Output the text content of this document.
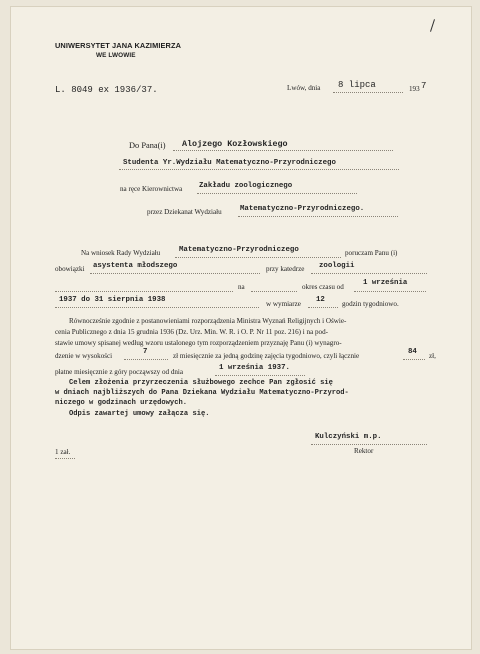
UNIWERSYTET JANA KAZIMIERZA
WE LWOWIE
L. 8049 ex 1936/37.	Lwów, dnia 8 lipca	193 7
Do Pana(i) Alojzego Kozłowskiego
Studenta Yr.Wydziału Matematyczno-Przyrodniczego
na ręce Kierownictwa Zakładu zoologicznego
przez Dziekanat Wydziału Matematyczno-Przyrodniczego.
Na wniosek Rady Wydziału	Matematyczno-Przyrodniczego	poruczam Panu (i)
obowiązki asystenta młodszego	przy katedrze zoologii
na	okres czasu od	1 września
1937 do 31 sierpnia 1938	w wymiarze 12 godzin tygodniowo.
Równocześnie zgodnie z postanowieniami rozporządzenia Ministra Wyznań Religijnych i Oświe-
cenia Publicznego z dnia 15 grudnia 1936 (Dz. Urz. Min. W. R. i O. P. Nr 11 poz. 216) i na pod-
stawie umowy spisanej według wzoru ustalonego tym rozporządzeniem przyznaję Panu (i) wynagro-
dzenie w wysokości	7	zł miesięcznie za jedną godzinę zajęcia tygodniowo, czyli łącznie	84 zł,
płatne miesięcznie z góry począwszy od dnia	1 września 1937.
Celem złożenia przyrzeczenia służbowego zechce Pan zgłosić się
w dniach najbliższych do Pana Dziekana Wydziału Matematyczno-Przyrod-
niczego w godzinach urzędowych.
Odpis zawartej umowy załącza się.
Kulczyński m.p.
Rektor
1 zał.
